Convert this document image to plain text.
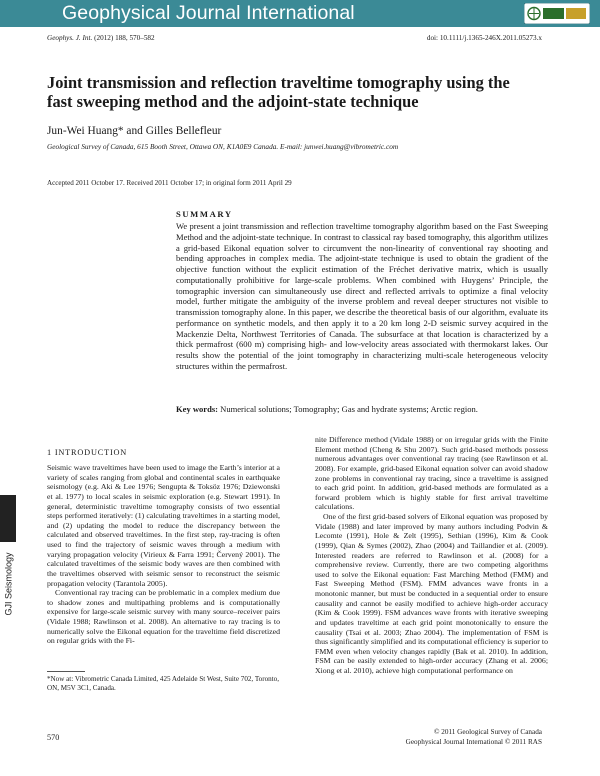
Geophysical Journal International
Geophys. J. Int. (2012) 188, 570–582	doi: 10.1111/j.1365-246X.2011.05273.x
Joint transmission and reflection traveltime tomography using the fast sweeping method and the adjoint-state technique
Jun-Wei Huang* and Gilles Bellefleur
Geological Survey of Canada, 615 Booth Street, Ottawa ON, K1A0E9 Canada. E-mail: junwei.huang@vibrometric.com
Accepted 2011 October 17. Received 2011 October 17; in original form 2011 April 29
SUMMARY
We present a joint transmission and reflection traveltime tomography algorithm based on the Fast Sweeping Method and the adjoint-state technique. In contrast to classical ray based tomography, this algorithm utilizes a grid-based Eikonal equation solver to circumvent the non-linearity of conventional ray shooting and bending approaches in complex media. The adjoint-state technique is used to obtain the gradient of the objective function without the explicit estimation of the Fréchet derivative matrix, which is usually computationally prohibitive for large-scale problems. When combined with Huygens’ Principle, the tomographic inversion can simultaneously use direct and reflected arrivals to optimize a final velocity model, further mitigate the ambiguity of the inverse problem and reveal deeper structures not visible to transmission tomography alone. In this paper, we describe the theoretical basis of our algorithm, evaluate its performance on synthetic models, and then apply it to a 20 km long 2-D seismic survey acquired in the Mackenzie Delta, Northwest Territories of Canada. The subsurface at that location is characterized by a thick permafrost (600 m) comprising high- and low-velocity areas associated with thermokarst lakes. Our results show the potential of the joint tomography in characterizing multi-scale heterogeneous velocity structures within the permafrost.
Key words: Numerical solutions; Tomography; Gas and hydrate systems; Arctic region.
GJI Seismology
1 INTRODUCTION

Seismic wave traveltimes have been used to image the Earth’s interior at a variety of scales ranging from global and continental scales in earthquake seismology (e.g. Aki & Lee 1976; Sengupta & Toksöz 1976; Dziewonski et al. 1977) to local scales in seismic exploration (e.g. Stewart 1991). In general, deterministic traveltime tomography consists of two essential steps performed iteratively: (1) calculating traveltimes in a starting model, and (2) updating the model to reduce the discrepancy between the calculated and observed traveltimes. In the first step, ray-tracing is often used to find the trajectory of seismic waves through a medium with varying propagation velocity (Virieux & Farra 1991; Červený 2001). The calculated traveltimes of the seismic body waves are then combined with the traveltimes observed with seismic sensor to reconstruct the seismic propagation velocity (Tarantola 2005).

Conventional ray tracing can be problematic in a complex medium due to shadow zones and multipathing problems and is computationally expensive for large-scale seismic survey with many source–receiver pairs (Vidale 1988; Rawlinson et al. 2008). An alternative to ray tracing is to numerically solve the Eikonal equation for the traveltime field discretized on regular grids with the Fi-

nite Difference method (Vidale 1988) or on irregular grids with the Finite Element method (Cheng & Shu 2007). Such grid-based methods possess numerous advantages over conventional ray tracing (see Rawlinson et al. 2008). For example, grid-based Eikonal equation solver can avoid shadow zone problems in conventional ray tracing, since a traveltime is assigned to each grid point. In addition, grid-based methods are formulated as a forward problem which is highly stable for first arrival traveltime calculations.

One of the first grid-based solvers of Eikonal equation was proposed by Vidale (1988) and later improved by many authors including Podvin & Lecomte (1991), Hole & Zelt (1995), Sethian (1996), Kim & Cook (1999), Qian & Symes (2002), Zhao (2004) and Taillandier et al. (2009). Interested readers are referred to Rawlinson et al. (2008) for a comprehensive review. Currently, there are two competing algorithms used to solve the Eikonal equation: Fast Marching Method (FMM) and Fast Sweeping Method (FSM). FMM advances wave fronts in a monotonic manner, but must be conducted in a sequential order to ensure causality and cannot be easily modified to achieve high-order accuracy (Kim & Cook 1999). FSM advances wave fronts with iterative sweeping and updates traveltime at each grid point monotonically to ensure the causality (Tsai et al. 2003; Zhao 2004). The implementation of FSM is thus significantly simplified and its computational efficiency is superior to FMM even when velocity changes rapidly (Bak et al. 2010). In addition, FSM can be easily extended to high-order accuracy (Zhang et al. 2006; Xiong et al. 2010), achieve high computational performance on

*Now at: Vibrometric Canada Limited, 425 Adelaide St West, Suite 702, Toronto, ON, M5V 3C1, Canada.
570
© 2011 Geological Survey of Canada
Geophysical Journal International © 2011 RAS
